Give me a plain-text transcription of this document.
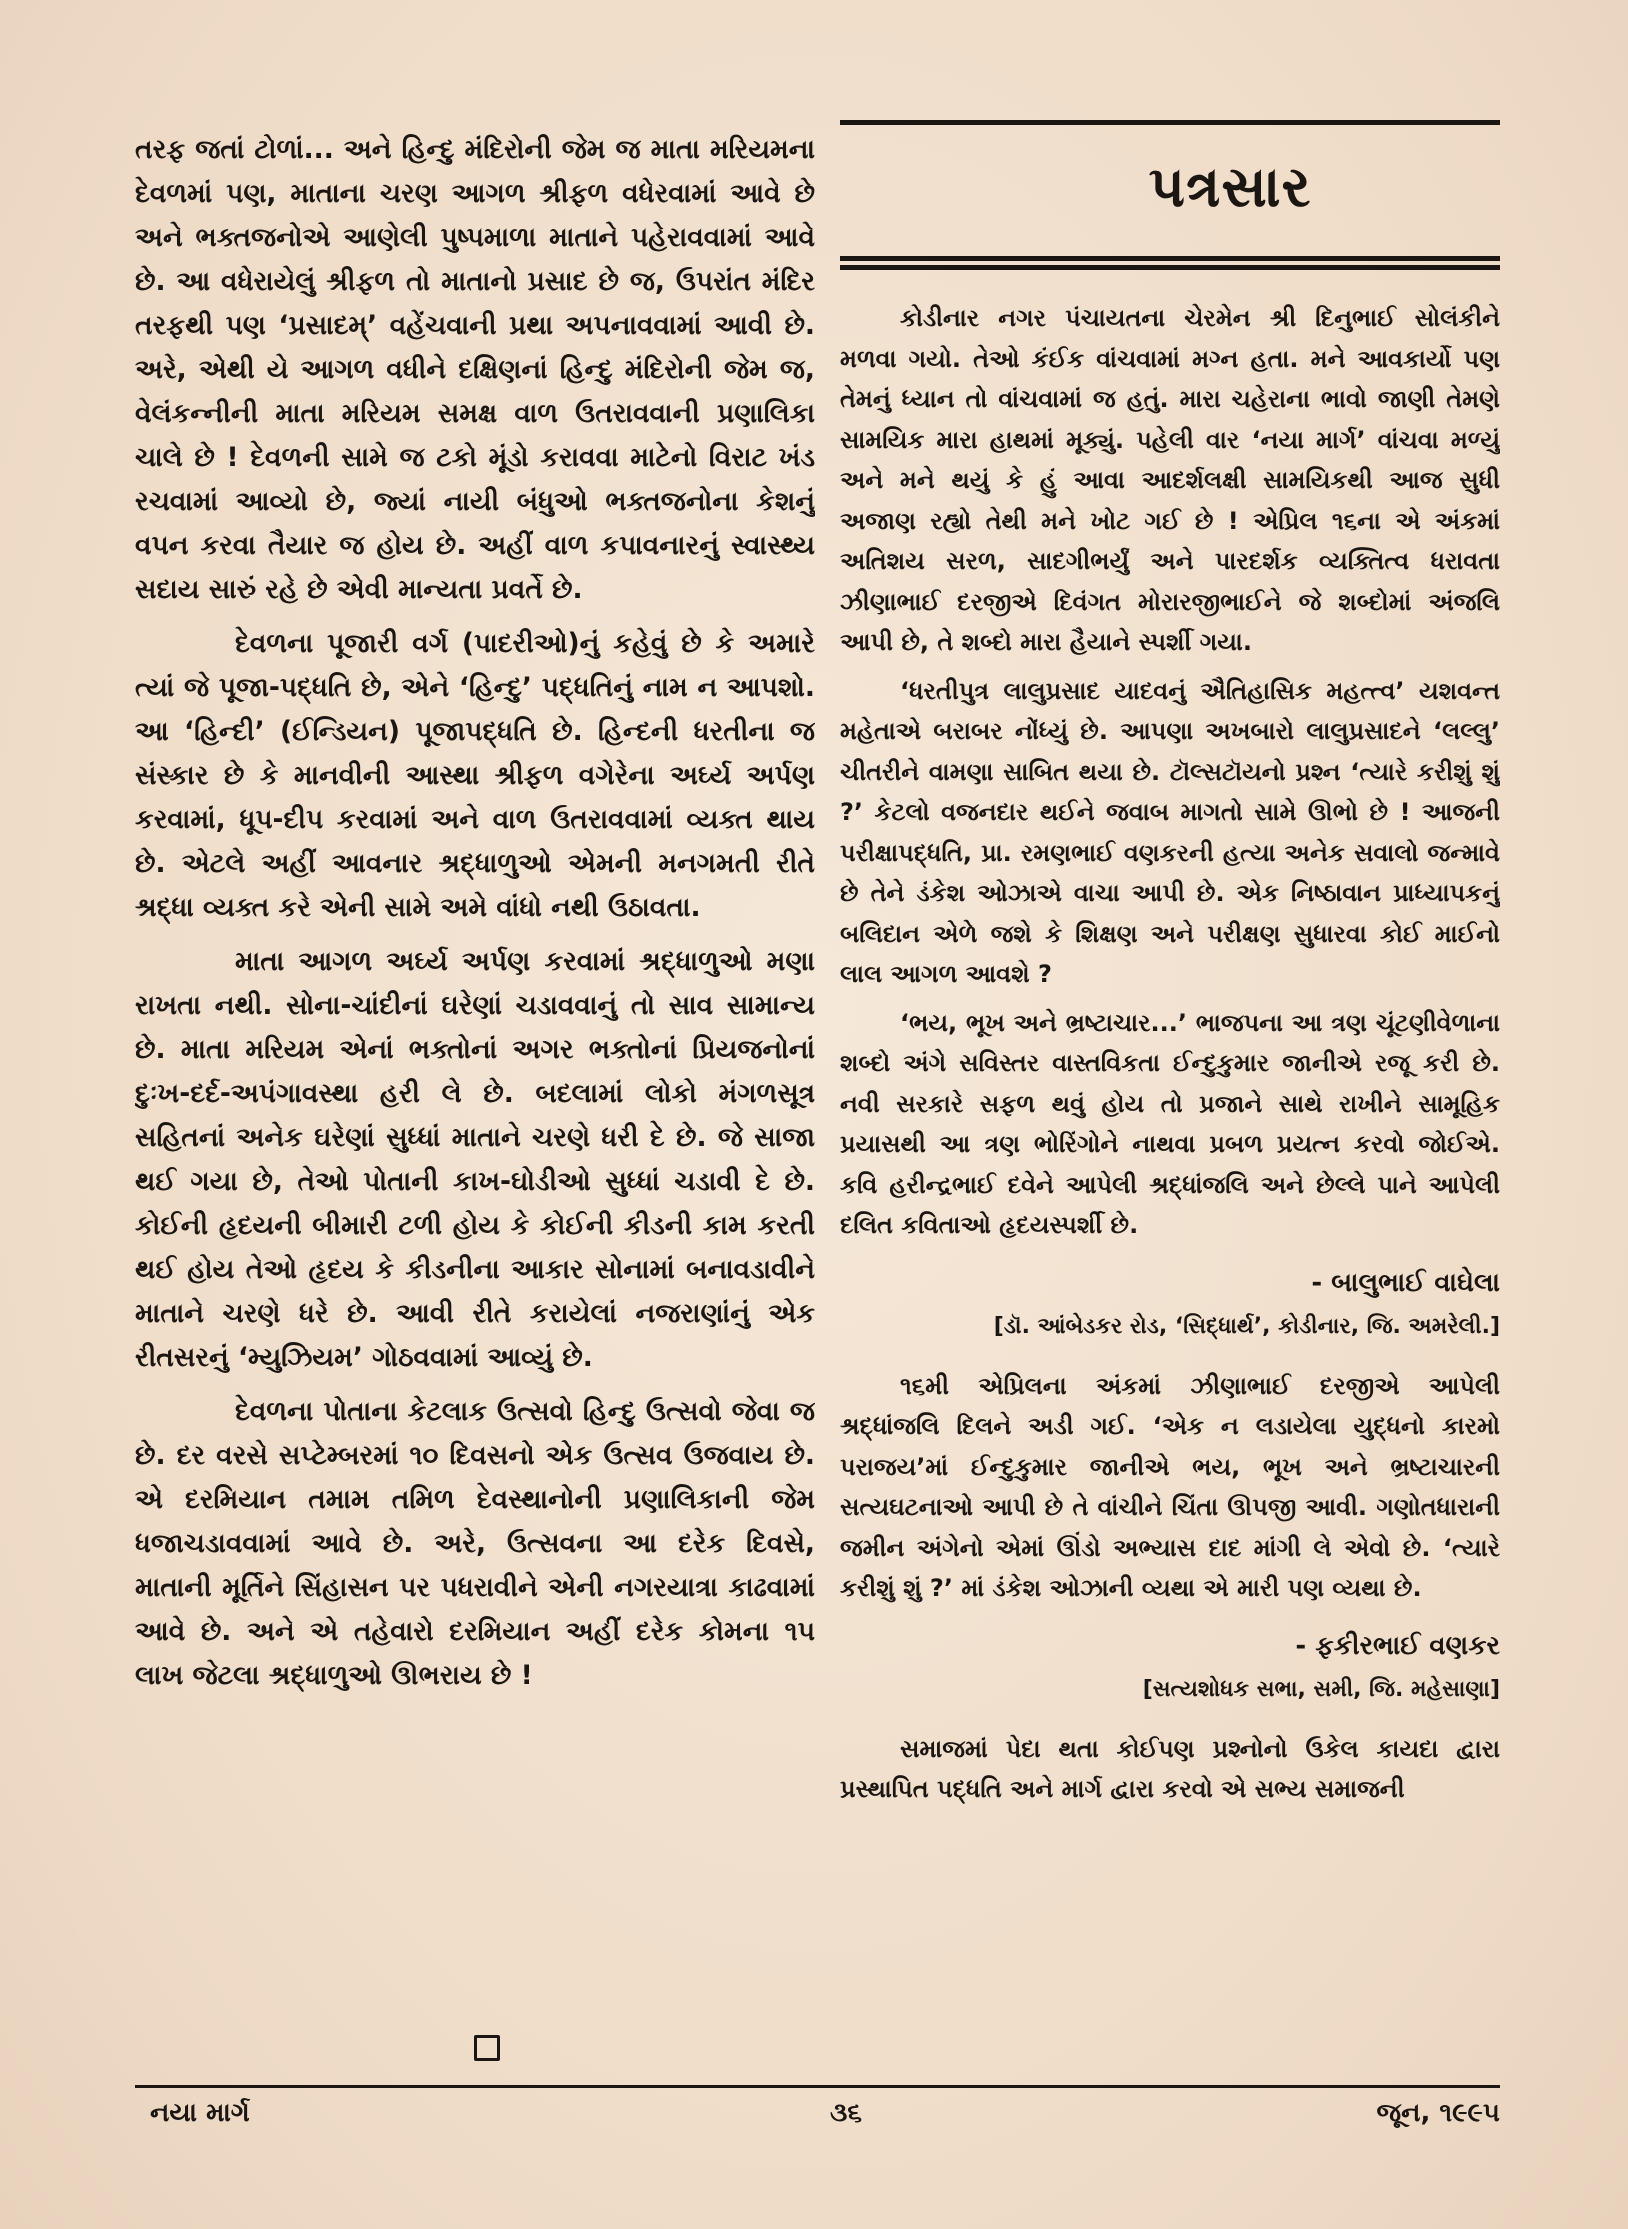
તરફ જતાં ટોળાં... અને હિન્દુ મંદિરોની જેમ જ માતા મરિયમના દેવળમાં પણ, માતાના ચરણ આગળ શ્રીફળ વધેરવામાં આવે છે અને ભક્તજનોએ આણેલી પુષ્પમાળા માતાને પહેરાવવામાં આવે છે. આ વધેરાયેલું શ્રીફળ તો માતાનો પ્રસાદ છે જ, ઉપરાંત મંદિર તરફથી પણ ‘પ્રસાદમ્’ વહેંચવાની પ્રથા અપનાવવામાં આવી છે. અરે, એથી યે આગળ વધીને દક્ષિણનાં હિન્દુ મંદિરોની જેમ જ, વેલંકન્નીની માતા મરિયમ સમક્ષ વાળ ઉતરાવવાની પ્રણાલિકા ચાલે છે ! દેવળની સામે જ ટકો મૂંડો કરાવવા માટેનો વિરાટ ખંડ રચવામાં આવ્યો છે, જ્યાં નાયી બંધુઓ ભક્તજનોના કેશનું વપન કરવા તૈયાર જ હોય છે. અહીં વાળ કપાવનારનું સ્વાસ્થ્ય સદાય સારું રહે છે એવી માન્યતા પ્રવર્તે છે.

દેવળના પૂજારી વર્ગ (પાદરીઓ)નું કહેવું છે કે અમારે ત્યાં જે પૂજા-પદ્ધતિ છે, એને ‘હિન્દુ’ પદ્ધતિનું નામ ન આપશો. આ ‘હિન્દી’ (ઈન્ડિયન) પૂજાપદ્ધતિ છે. હિન્દની ધરતીના જ સંસ્કાર છે કે માનવીની આસ્થા શ્રીફળ વગેરેના અર્ઘ્ય અર્પણ કરવામાં, ધૂપ-દીપ કરવામાં અને વાળ ઉતરાવવામાં વ્યક્ત થાય છે. એટલે અહીં આવનાર શ્રદ્ધાળુઓ એમની મનગમતી રીતે શ્રદ્ધા વ્યક્ત કરે એની સામે અમે વાંધો નથી ઉઠાવતા.

માતા આગળ અર્ઘ્ય અર્પણ કરવામાં શ્રદ્ધાળુઓ મણા રાખતા નથી. સોના-ચાંદીનાં ઘરેણાં ચડાવવાનું તો સાવ સામાન્ય છે. માતા મરિયમ એનાં ભક્તોનાં અગર ભક્તોનાં પ્રિયજનોનાં દુઃખ-દર્દ-અપંગાવસ્થા હરી લે છે. બદલામાં લોકો મંગળસૂત્ર સહિતનાં અનેક ઘરેણાં સુધ્ધાં માતાને ચરણે ધરી દે છે. જે સાજા થઈ ગયા છે, તેઓ પોતાની કાખ-ઘોડીઓ સુધ્ધાં ચડાવી દે છે. કોઈની હૃદયની બીમારી ટળી હોય કે કોઈની કીડની કામ કરતી થઈ હોય તેઓ હૃદય કે કીડનીના આકાર સોનામાં બનાવડાવીને માતાને ચરણે ધરે છે. આવી રીતે કરાયેલાં નજરાણાંનું એક રીતસરનું ‘મ્યુઝિયમ’ ગોઠવવામાં આવ્યું છે.

દેવળના પોતાના કેટલાક ઉત્સવો હિન્દુ ઉત્સવો જેવા જ છે. દર વરસે સપ્ટેમ્બરમાં ૧૦ દિવસનો એક ઉત્સવ ઉજવાય છે. એ દરમિયાન તમામ તમિળ દેવસ્થાનોની પ્રણાલિકાની જેમ ધજાચડાવવામાં આવે છે. અરે, ઉત્સવના આ દરેક દિવસે, માતાની મૂર્તિને સિંહાસન પર પધરાવીને એની નગરયાત્રા કાઢવામાં આવે છે. અને એ તહેવારો દરમિયાન અહીં દરેક કોમના ૧૫ લાખ જેટલા શ્રદ્ધાળુઓ ઊભરાય છે !

પત્રસાર

કોડીનાર નગર પંચાયતના ચેરમેન શ્રી દિનુભાઈ સોલંકીને મળવા ગયો. તેઓ કંઈક વાંચવામાં મગ્ન હતા. મને આવકાર્યો પણ તેમનું ધ્યાન તો વાંચવામાં જ હતું. મારા ચહેરાના ભાવો જાણી તેમણે સામયિક મારા હાથમાં મૂક્યું. પહેલી વાર ‘નયા માર્ગ’ વાંચવા મળ્યું અને મને થયું કે હું આવા આદર્શલક્ષી સામયિકથી આજ સુધી અજાણ રહ્યો તેથી મને ખોટ ગઈ છે ! એપ્રિલ ૧૬ના એ અંકમાં અતિશય સરળ, સાદગીભર્યું અને પારદર્શક વ્યક્તિત્વ ધરાવતા ઝીણાભાઈ દરજીએ દિવંગત મોરારજીભાઈને જે શબ્દોમાં અંજલિ આપી છે, તે શબ્દો મારા હૈયાને સ્પર્શી ગયા.

‘ધરતીપુત્ર લાલુપ્રસાદ યાદવનું ઐતિહાસિક મહત્ત્વ’ યશવન્ત મહેતાએ બરાબર નોંધ્યું છે. આપણા અખબારો લાલુપ્રસાદને ‘લલ્લુ’ ચીતરીને વામણા સાબિત થયા છે. ટૉલ્સટૉયનો પ્રશ્ન ‘ત્યારે કરીશું શું ?’ કેટલો વજનદાર થઈને જવાબ માગતો સામે ઊભો છે ! આજની પરીક્ષાપદ્ધતિ, પ્રા. રમણભાઈ વણકરની હત્યા અનેક સવાલો જન્માવે છે તેને ડંકેશ ઓઝાએ વાચા આપી છે. એક નિષ્ઠાવાન પ્રાધ્યાપકનું બલિદાન એળે જશે કે શિક્ષણ અને પરીક્ષણ સુધારવા કોઈ માઈનો લાલ આગળ આવશે ?

‘ભય, ભૂખ અને ભ્રષ્ટાચાર...’ ભાજપના આ ત્રણ ચૂંટણીવેળાના શબ્દો અંગે સવિસ્તર વાસ્તવિકતા ઈન્દુકુમાર જાનીએ રજૂ કરી છે. નવી સરકારે સફળ થવું હોય તો પ્રજાને સાથે રાખીને સામૂહિક પ્રયાસથી આ ત્રણ ભોરિંગોને નાથવા પ્રબળ પ્રયત્ન કરવો જોઈએ. કવિ હરીન્દ્રભાઈ દવેને આપેલી શ્રદ્ધાંજલિ અને છેલ્લે પાને આપેલી દલિત કવિતાઓ હૃદયસ્પર્શી છે.

- બાલુભાઈ વાઘેલા
[ડૉ. આંબેડકર રોડ, ‘સિદ્ધાર્થ’, કોડીનાર, જિ. અમરેલી.]

૧૬મી એપ્રિલના અંકમાં ઝીણાભાઈ દરજીએ આપેલી શ્રદ્ધાંજલિ દિલને અડી ગઈ. ‘એક ન લડાયેલા યુદ્ધનો કારમો પરાજય’માં ઈન્દુકુમાર જાનીએ ભય, ભૂખ અને ભ્રષ્ટાચારની સત્યઘટનાઓ આપી છે તે વાંચીને ચિંતા ઊપજી આવી. ગણોતધારાની જમીન અંગેનો એમાં ઊંડો અભ્યાસ દાદ માંગી લે એવો છે. ‘ત્યારે કરીશું શું ?’ માં ડંકેશ ઓઝાની વ્યથા એ મારી પણ વ્યથા છે.

- ફકીરભાઈ વણકર
[સત્યશોધક સભા, સમી, જિ. મહેસાણા]

સમાજમાં પેદા થતા કોઈપણ પ્રશ્નોનો ઉકેલ કાયદા દ્વારા પ્રસ્થાપિત પદ્ધતિ અને માર્ગ દ્વારા કરવો એ સભ્ય સમાજની

નયા માર્ગ	૩૬	જૂન, ૧૯૯૫
